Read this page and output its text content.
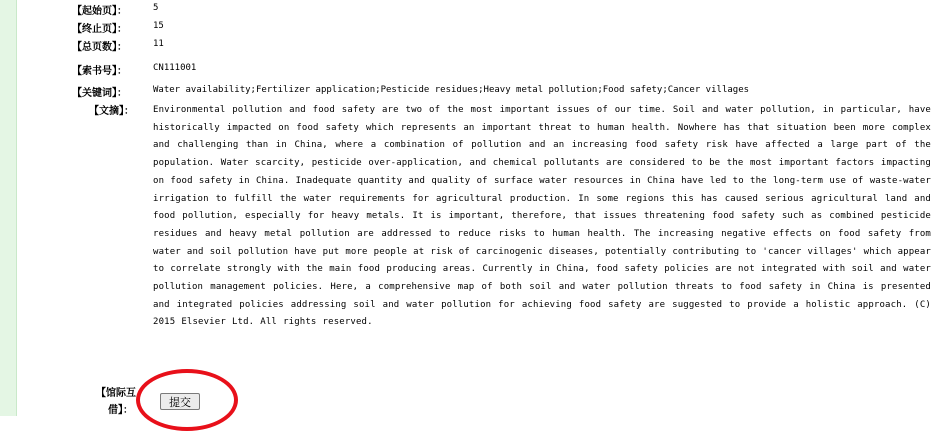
【起始页】：	5
【终止页】：	15
【总页数】：	11
【索书号】：	CN111001
【关键词】：	Water availability;Fertilizer application;Pesticide residues;Heavy metal pollution;Food safety;Cancer villages
【文摘】： Environmental pollution and food safety are two of the most important issues of our time. Soil and water pollution, in particular, have historically impacted on food safety which represents an important threat to human health. Nowhere has that situation been more complex and challenging than in China, where a combination of pollution and an increasing food safety risk have affected a large part of the population. Water scarcity, pesticide over-application, and chemical pollutants are considered to be the most important factors impacting on food safety in China. Inadequate quantity and quality of surface water resources in China have led to the long-term use of waste-water irrigation to fulfill the water requirements for agricultural production. In some regions this has caused serious agricultural land and food pollution, especially for heavy metals. It is important, therefore, that issues threatening food safety such as combined pesticide residues and heavy metal pollution are addressed to reduce risks to human health. The increasing negative effects on food safety from water and soil pollution have put more people at risk of carcinogenic diseases, potentially contributing to 'cancer villages' which appear to correlate strongly with the main food producing areas. Currently in China, food safety policies are not integrated with soil and water pollution management policies. Here, a comprehensive map of both soil and water pollution threats to food safety in China is presented and integrated policies addressing soil and water pollution for achieving food safety are suggested to provide a holistic approach. (C) 2015 Elsevier Ltd. All rights reserved.
【馆际互
借】：
提交
